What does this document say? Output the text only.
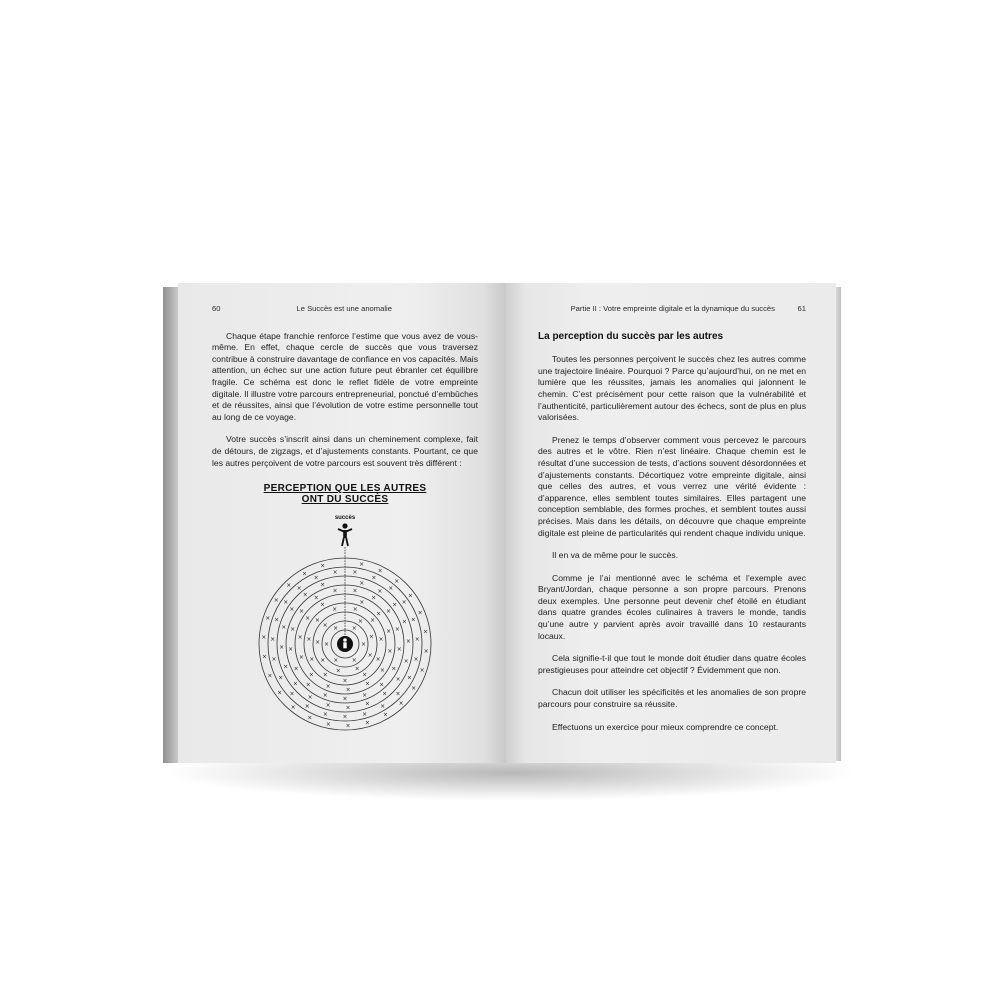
60	Le Succès est une anomalie

Chaque étape franchie renforce l’estime que vous avez de vous-même. En effet, chaque cercle de succès que vous traversez contribue à construire davantage de confiance en vos capacités. Mais attention, un échec sur une action future peut ébranler cet équilibre fragile. Ce schéma est donc le reflet fidèle de votre empreinte digitale. Il illustre votre parcours entrepreneurial, ponctué d’embûches et de réussites, ainsi que l’évolution de votre estime personnelle tout au long de ce voyage.

Votre succès s’inscrit ainsi dans un cheminement complexe, fait de détours, de zigzags, et d’ajustements constants. Pourtant, ce que les autres perçoivent de votre parcours est souvent très différent :

PERCEPTION QUE LES AUTRES
ONT DU SUCCÈS
succès
×
×
×
×
×
×
×
×
×
×
×
×
×
×
×
×
×
×
×
×
×
×
×
×
×
×
×
×
×
×
×
×
×
×
×
×
×
×
×
×
×
×
×
×
×
×
×
×
×
×
×
×
×
×
×
×
×
×
×
×
×
×
×
×
×
×
×
×
×
×
×
×
×
×
×
×
×
×
×
×
×
×
×
×
×
×
×
×
×
×
×
×
×
×
×
×
×
×
×
×
×
×
×
×
×
×
×
×
×
×
×
×
×
×
×
×
×
×
×
×
×
×
Partie II : Votre empreinte digitale et la dynamique du succès	61
La perception du succès par les autres

Toutes les personnes perçoivent le succès chez les autres comme une trajectoire linéaire. Pourquoi ? Parce qu’aujourd’hui, on ne met en lumière que les réussites, jamais les anomalies qui jalonnent le chemin. C’est précisément pour cette raison que la vulnérabilité et l’authenticité, particulièrement autour des échecs, sont de plus en plus valorisées.

Prenez le temps d’observer comment vous percevez le parcours des autres et le vôtre. Rien n’est linéaire. Chaque chemin est le résultat d’une succession de tests, d’actions souvent désordonnées et d’ajustements constants. Décortiquez votre empreinte digitale, ainsi que celles des autres, et vous verrez une vérité évidente : d’apparence, elles semblent toutes similaires. Elles partagent une conception semblable, des formes proches, et semblent toutes aussi précises. Mais dans les détails, on découvre que chaque empreinte digitale est pleine de particularités qui rendent chaque individu unique.

Il en va de même pour le succès.

Comme je l’ai mentionné avec le schéma et l’exemple avec Bryant/Jordan, chaque personne a son propre parcours. Prenons deux exemples. Une personne peut devenir chef étoilé en étudiant dans quatre grandes écoles culinaires à travers le monde, tandis qu’une autre y parvient après avoir travaillé dans 10 restaurants locaux.

Cela signifie-t-il que tout le monde doit étudier dans quatre écoles prestigieuses pour atteindre cet objectif ? Évidemment que non.

Chacun doit utiliser les spécificités et les anomalies de son propre parcours pour construire sa réussite.

Effectuons un exercice pour mieux comprendre ce concept.
